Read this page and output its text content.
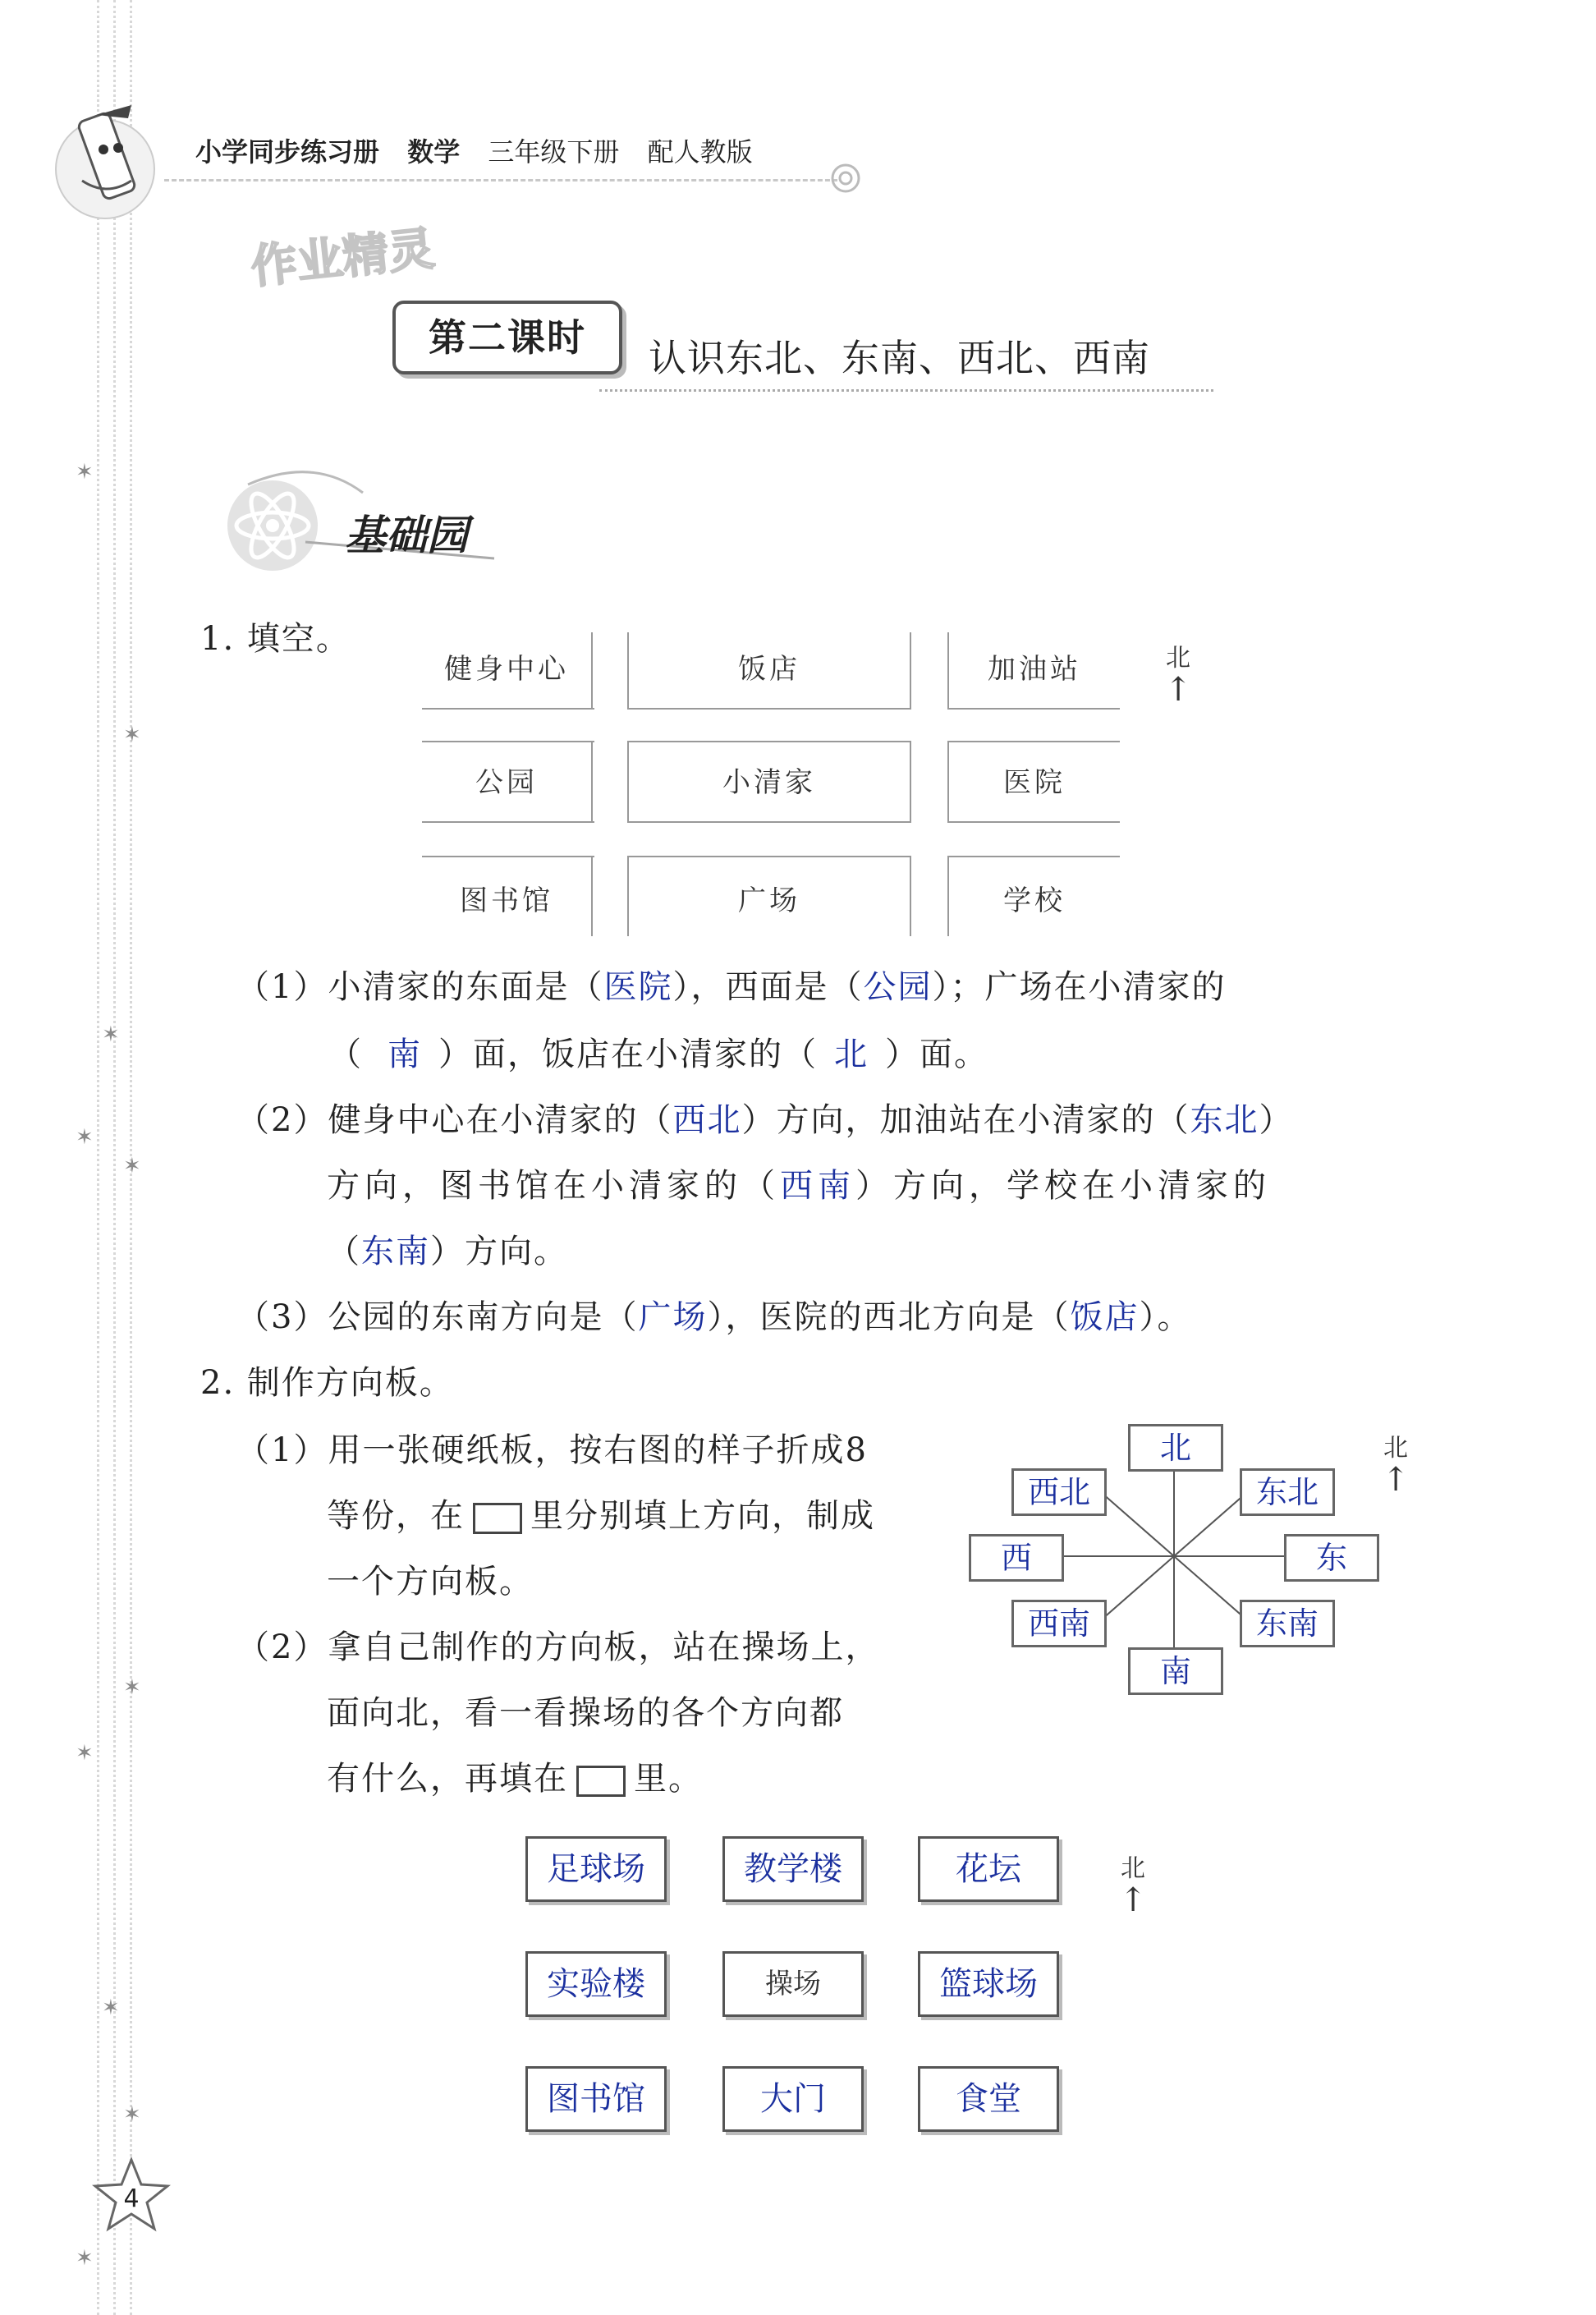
✶
✶
✶
✶
✶
✶
✶
✶
✶
✶
小学同步练习册 数学 三年级下册 配人教版
作业精灵
第二课时	认识东北、东南、西北、西南
基础园
1. 填空。
健身中心	饭店	加油站
公园	小清家	医院
图书馆	广场	学校
北
↑
（1）小清家的东面是（医院），西面是（公园）；广场在小清家的
（ 南 ）面，饭店在小清家的（ 北 ）面。
（2）健身中心在小清家的（西北）方向，加油站在小清家的（东北）
方向，图书馆在小清家的（西南）方向，学校在小清家的
（东南）方向。
（3）公园的东南方向是（广场），医院的西北方向是（饭店）。
2. 制作方向板。
（1）用一张硬纸板，按右图的样子折成8
等份，在 里分别填上方向，制成
一个方向板。
（2）拿自己制作的方向板，站在操场上，
面向北，看一看操场的各个方向都
有什么，再填在 里。
北
西北	东北
西	东
西南	东南
南
北
↑
足球场	教学楼	花坛
实验楼	操场	篮球场
图书馆	大门	食堂
北
↑
4
